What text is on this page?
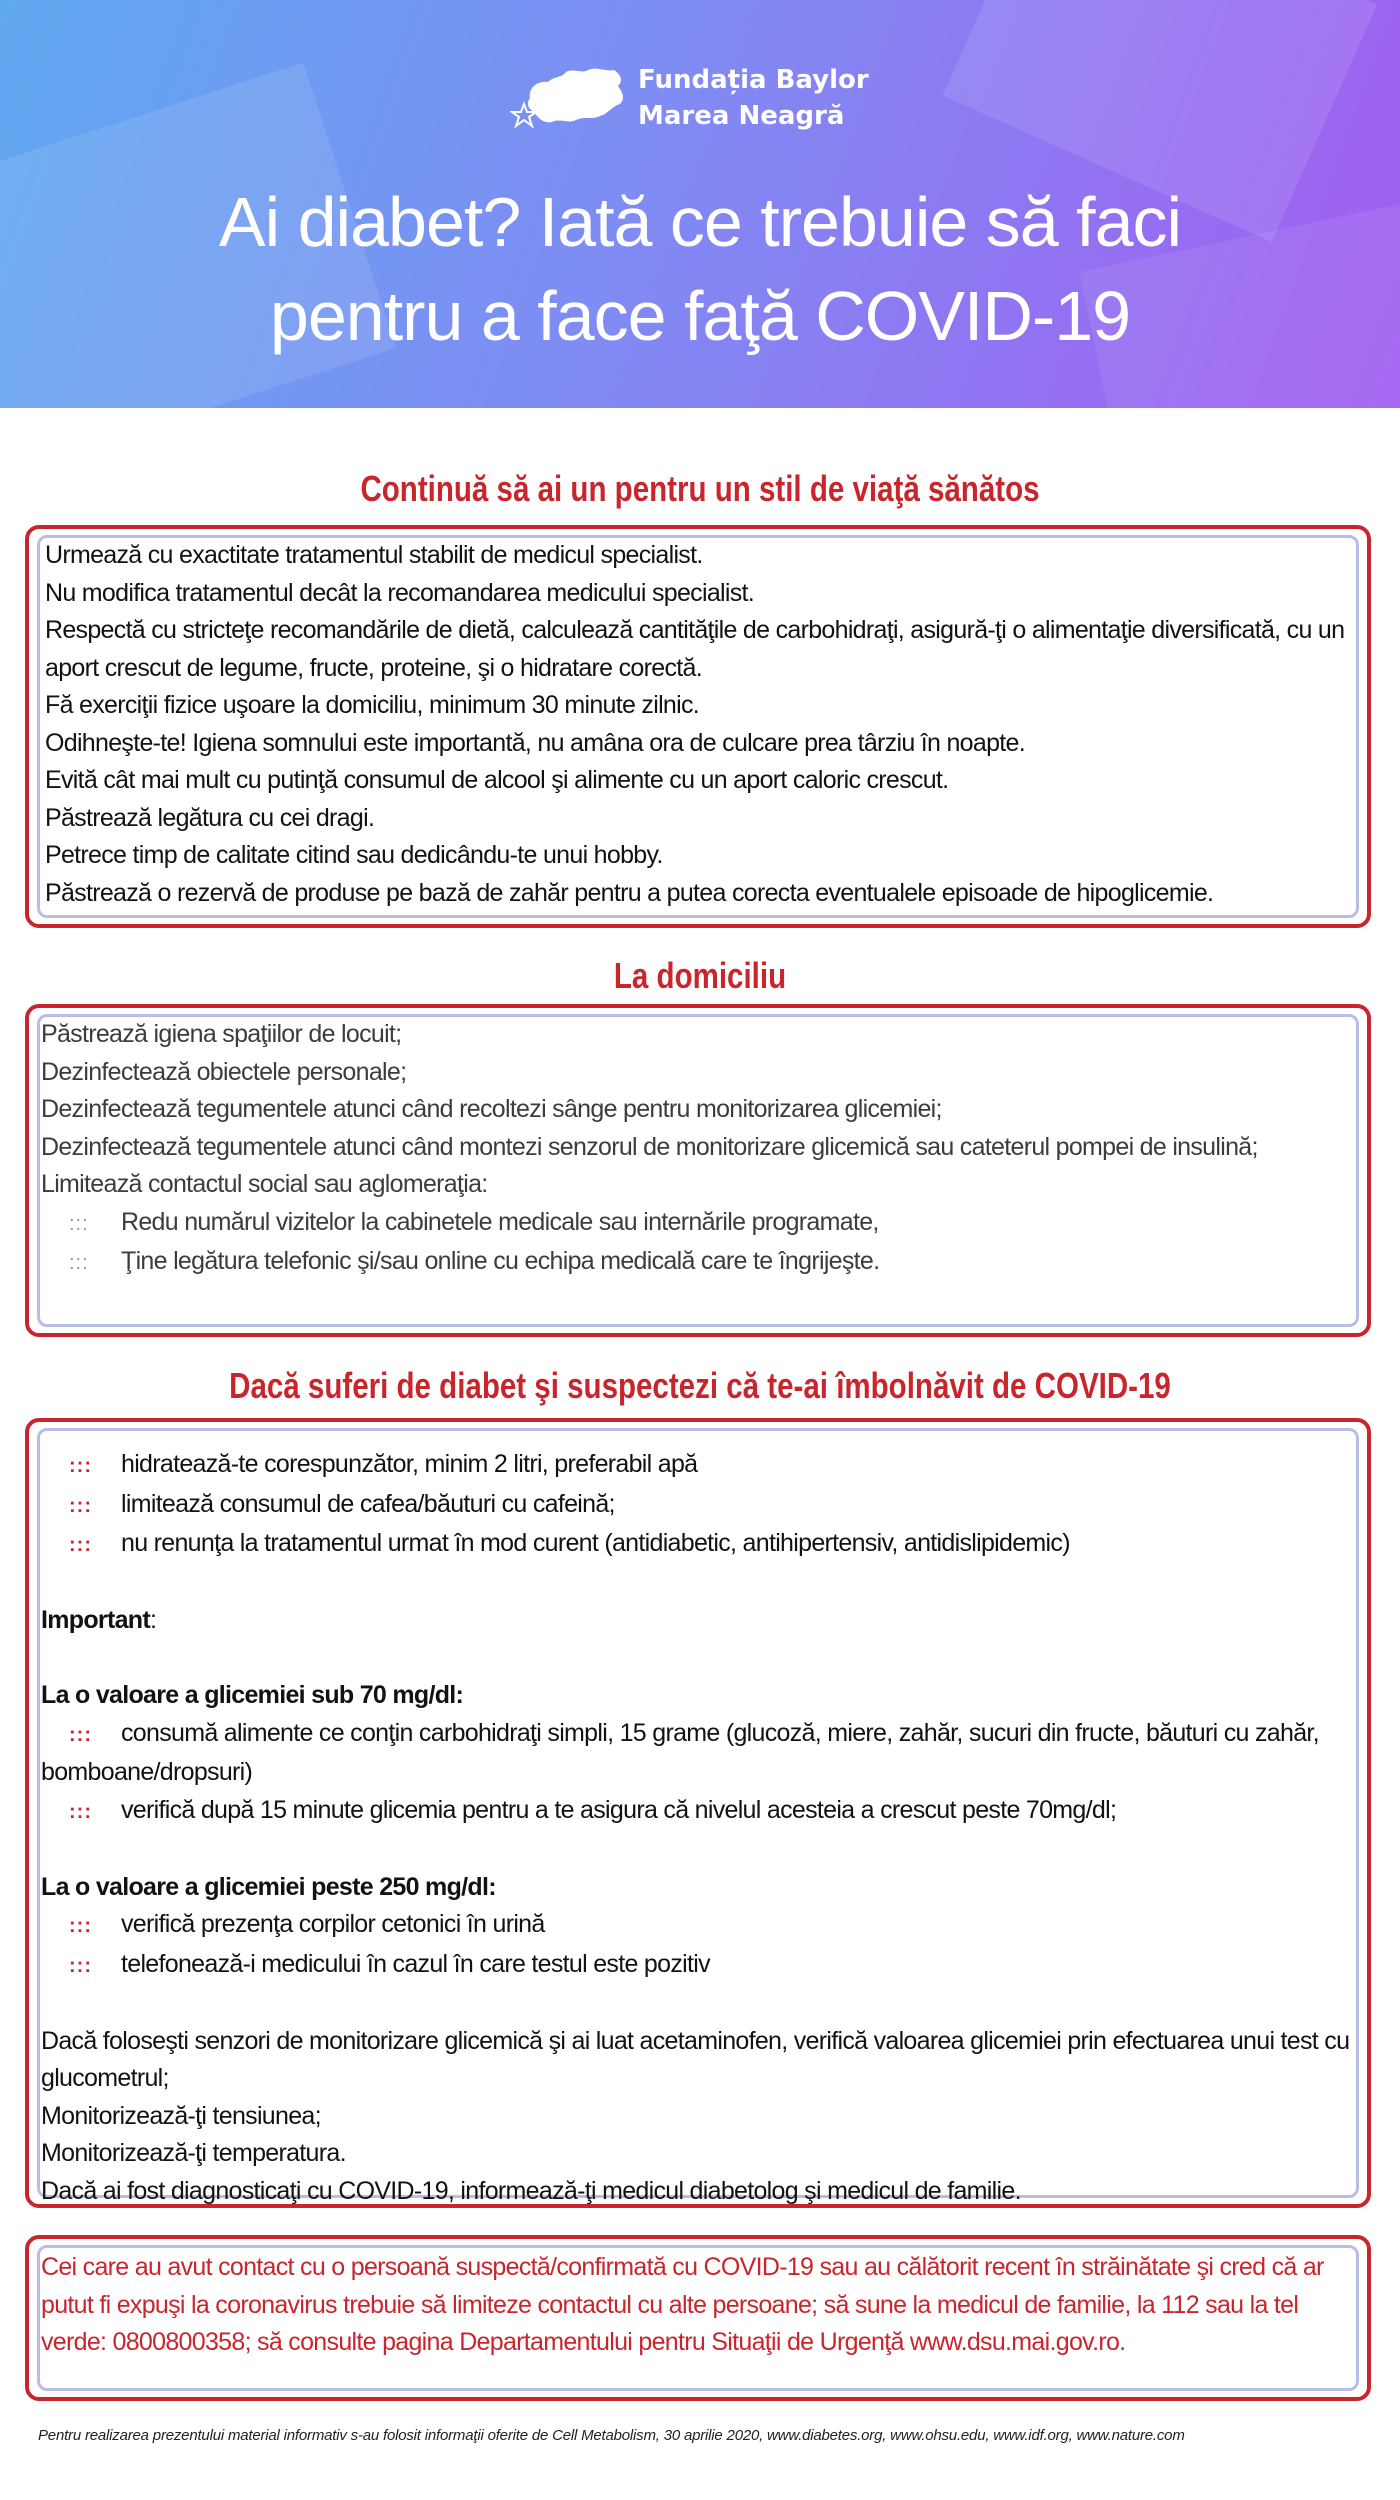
Fundația Baylor
Marea Neagră
Ai diabet? Iată ce trebuie să faci
pentru a face faţă COVID-19
Continuă să ai un pentru un stil de viaţă sănătos

Urmează cu exactitate tratamentul stabilit de medicul specialist.

Nu modifica tratamentul decât la recomandarea medicului specialist.

Respectă cu stricteţe recomandările de dietă, calculează cantităţile de carbohidraţi, asigură-ţi o alimentaţie diversificată, cu un aport crescut de legume, fructe, proteine, şi o hidratare corectă.

Fă exerciţii fizice uşoare la domiciliu, minimum 30 minute zilnic.

Odihneşte-te! Igiena somnului este importantă, nu amâna ora de culcare prea târziu în noapte.

Evită cât mai mult cu putinţă consumul de alcool şi alimente cu un aport caloric crescut.

Păstrează legătura cu cei dragi.

Petrece timp de calitate citind sau dedicându-te unui hobby.

Păstrează o rezervă de produse pe bază de zahăr pentru a putea corecta eventualele episoade de hipoglicemie.

La domiciliu

Păstrează igiena spaţiilor de locuit;

Dezinfectează obiectele personale;

Dezinfectează tegumentele atunci când recoltezi sânge pentru monitorizarea glicemiei;

Dezinfectează tegumentele atunci când montezi senzorul de monitorizare glicemică sau cateterul pompei de insulină;

Limitează contactul social sau aglomeraţia:

::: Redu numărul vizitelor la cabinetele medicale sau internările programate,

::: Ţine legătura telefonic şi/sau online cu echipa medicală care te îngrijeşte.

Dacă suferi de diabet şi suspectezi că te-ai îmbolnăvit de COVID-19

::: hidratează-te corespunzător, minim 2 litri, preferabil apă

::: limitează consumul de cafea/băuturi cu cafeină;

::: nu renunţa la tratamentul urmat în mod curent (antidiabetic, antihipertensiv, antidislipidemic)

Important:

La o valoare a glicemiei sub 70 mg/dl:

::: consumă alimente ce conţin carbohidraţi simpli, 15 grame (glucoză, miere, zahăr, sucuri din fructe, băuturi cu zahăr, bomboane/dropsuri)

::: verifică după 15 minute glicemia pentru a te asigura că nivelul acesteia a crescut peste 70mg/dl;

La o valoare a glicemiei peste 250 mg/dl:

::: verifică prezenţa corpilor cetonici în urină

::: telefonează-i medicului în cazul în care testul este pozitiv

Dacă foloseşti senzori de monitorizare glicemică şi ai luat acetaminofen, verifică valoarea glicemiei prin efectuarea unui test cu glucometrul;

Monitorizează-ţi tensiunea;

Monitorizează-ţi temperatura.

Dacă ai fost diagnosticaţi cu COVID-19, informează-ţi medicul diabetolog şi medicul de familie.

Cei care au avut contact cu o persoană suspectă/confirmată cu COVID-19 sau au călătorit recent în străinătate şi cred că ar putut fi expuşi la coronavirus trebuie să limiteze contactul cu alte persoane; să sune la medicul de familie, la 112 sau la tel verde: 0800800358; să consulte pagina Departamentului pentru Situaţii de Urgenţă www.dsu.mai.gov.ro.
Pentru realizarea prezentului material informativ s-au folosit informaţii oferite de Cell Metabolism, 30 aprilie 2020, www.diabetes.org, www.ohsu.edu, www.idf.org, www.nature.com
